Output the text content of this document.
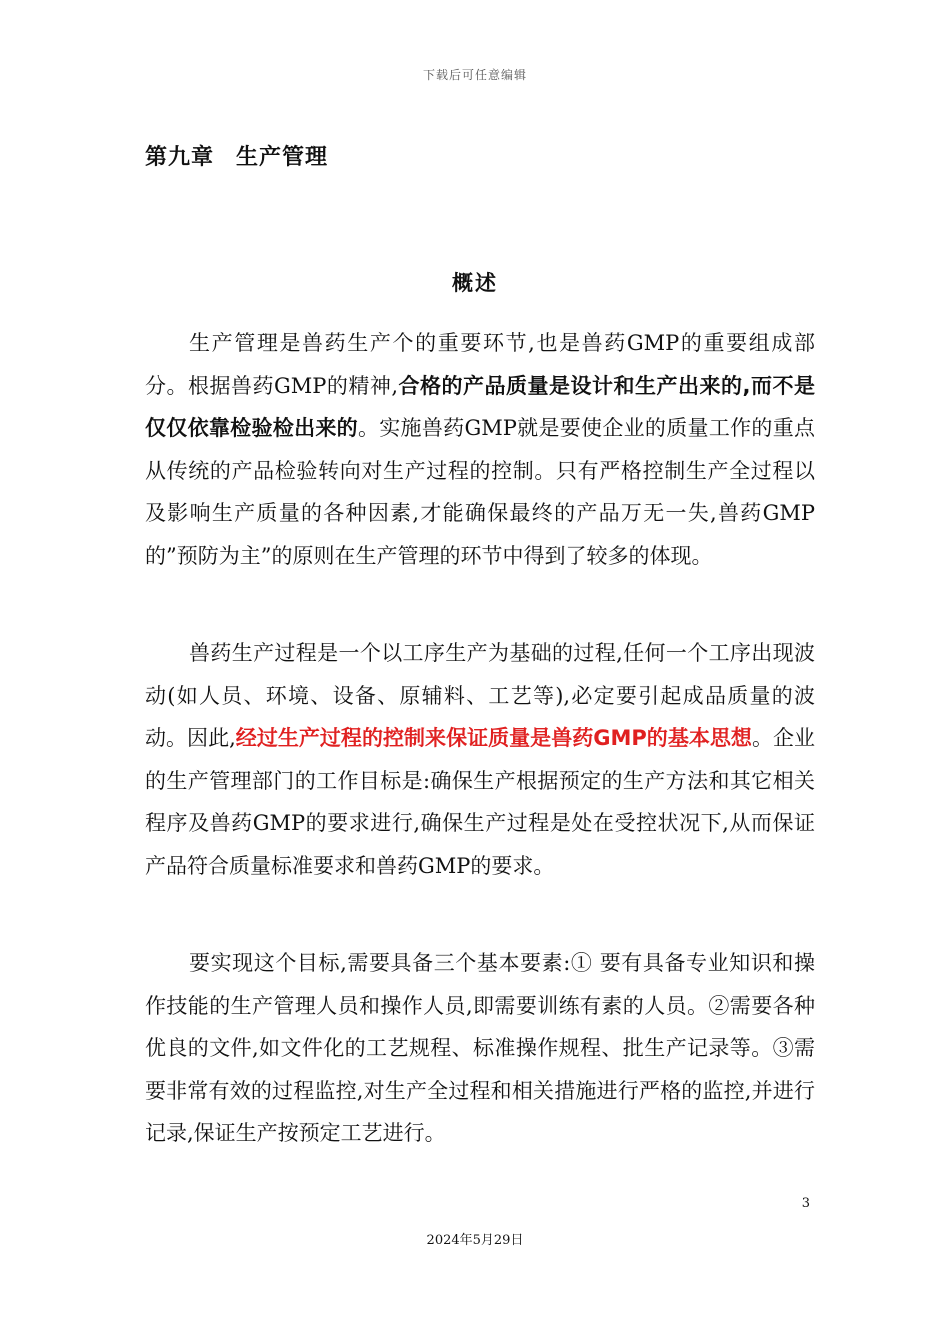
下载后可任意编辑
第九章 生产管理
概述
生产管理是兽药生产个的重要环节,也是兽药GMP的重要组成部分。根据兽药GMP的精神,合格的产品质量是设计和生产出来的,而不是仅仅依靠检验检出来的。实施兽药GMP就是要使企业的质量工作的重点从传统的产品检验转向对生产过程的控制。只有严格控制生产全过程以及影响生产质量的各种因素,才能确保最终的产品万无一失,兽药GMP的”预防为主”的原则在生产管理的环节中得到了较多的体现。
兽药生产过程是一个以工序生产为基础的过程,任何一个工序出现波动(如人员、环境、设备、原辅料、工艺等),必定要引起成品质量的波动。因此,经过生产过程的控制来保证质量是兽药GMP的基本思想。企业的生产管理部门的工作目标是:确保生产根据预定的生产方法和其它相关程序及兽药GMP的要求进行,确保生产过程是处在受控状况下,从而保证产品符合质量标准要求和兽药GMP的要求。
要实现这个目标,需要具备三个基本要素:① 要有具备专业知识和操作技能的生产管理人员和操作人员,即需要训练有素的人员。②需要各种优良的文件,如文件化的工艺规程、标准操作规程、批生产记录等。③需要非常有效的过程监控,对生产全过程和相关措施进行严格的监控,并进行记录,保证生产按预定工艺进行。
3
2024年5月29日
